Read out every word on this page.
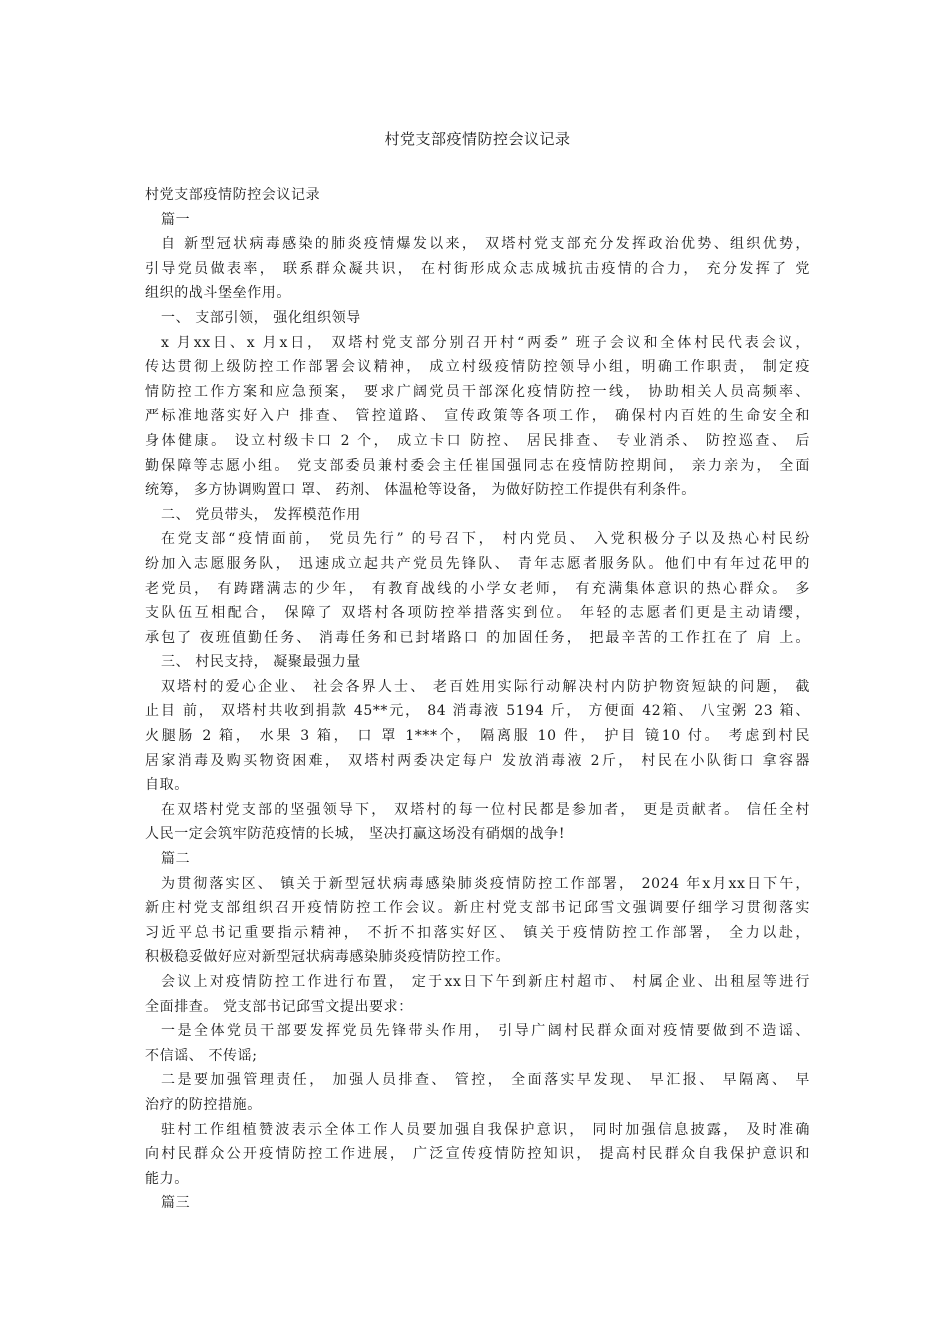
村党支部疫情防控会议记录
村党支部疫情防控会议记录
篇一
自 新型冠状病毒感染的肺炎疫情爆发以来， 双塔村党支部充分发挥政治优势、组织优势，
引导党员做表率， 联系群众凝共识， 在村街形成众志成城抗击疫情的合力， 充分发挥了 党
组织的战斗堡垒作用。
一、 支部引领， 强化组织领导
x 月xx日、x 月x日， 双塔村党支部分别召开村“两委” 班子会议和全体村民代表会议，
传达贯彻上级防控工作部署会议精神， 成立村级疫情防控领导小组，明确工作职责， 制定疫
情防控工作方案和应急预案， 要求广阔党员干部深化疫情防控一线， 协助相关人员高频率、
严标准地落实好入户 排查、 管控道路、 宣传政策等各项工作， 确保村内百姓的生命安全和
身体健康。 设立村级卡口 2 个， 成立卡口 防控、 居民排查、 专业消杀、 防控巡查、 后
勤保障等志愿小组。 党支部委员兼村委会主任崔国强同志在疫情防控期间， 亲力亲为， 全面
统筹， 多方协调购置口 罩、 药剂、 体温枪等设备， 为做好防控工作提供有利条件。
二、 党员带头， 发挥模范作用
在党支部“疫情面前， 党员先行” 的号召下， 村内党员、 入党积极分子以及热心村民纷
纷加入志愿服务队， 迅速成立起共产党员先锋队、 青年志愿者服务队。他们中有年过花甲的
老党员， 有踌躇满志的少年， 有教育战线的小学女老师， 有充满集体意识的热心群众。 多
支队伍互相配合， 保障了 双塔村各项防控举措落实到位。 年轻的志愿者们更是主动请缨，
承包了 夜班值勤任务、 消毒任务和已封堵路口 的加固任务， 把最辛苦的工作扛在了 肩 上。
三、 村民支持， 凝聚最强力量
双塔村的爱心企业、 社会各界人士、 老百姓用实际行动解决村内防护物资短缺的问题， 截
止目 前， 双塔村共收到捐款 45**元， 84 消毒液 5194 斤， 方便面 42箱、 八宝粥 23 箱、
火腿肠 2 箱， 水果 3 箱， 口 罩 1***个， 隔离服 10 件， 护目 镜10 付。 考虑到村民
居家消毒及购买物资困难， 双塔村两委决定每户 发放消毒液 2斤， 村民在小队街口 拿容器
自取。
在双塔村党支部的坚强领导下， 双塔村的每一位村民都是参加者， 更是贡献者。 信任全村
人民一定会筑牢防范疫情的长城， 坚决打赢这场没有硝烟的战争!
篇二
为贯彻落实区、 镇关于新型冠状病毒感染肺炎疫情防控工作部署， 2024 年x月xx日下午，
新庄村党支部组织召开疫情防控工作会议。新庄村党支部书记邱雪文强调要仔细学习贯彻落实
习近平总书记重要指示精神， 不折不扣落实好区、 镇关于疫情防控工作部署， 全力以赴，
积极稳妥做好应对新型冠状病毒感染肺炎疫情防控工作。
会议上对疫情防控工作进行布置， 定于xx日下午到新庄村超市、 村属企业、出租屋等进行
全面排查。 党支部书记邱雪文提出要求：
一是全体党员干部要发挥党员先锋带头作用， 引导广阔村民群众面对疫情要做到不造谣、
不信谣、 不传谣;
二是要加强管理责任， 加强人员排查、 管控， 全面落实早发现、 早汇报、 早隔离、 早
治疗的防控措施。
驻村工作组植赞波表示全体工作人员要加强自我保护意识， 同时加强信息披露， 及时准确
向村民群众公开疫情防控工作进展， 广泛宣传疫情防控知识， 提高村民群众自我保护意识和
能力。
篇三
